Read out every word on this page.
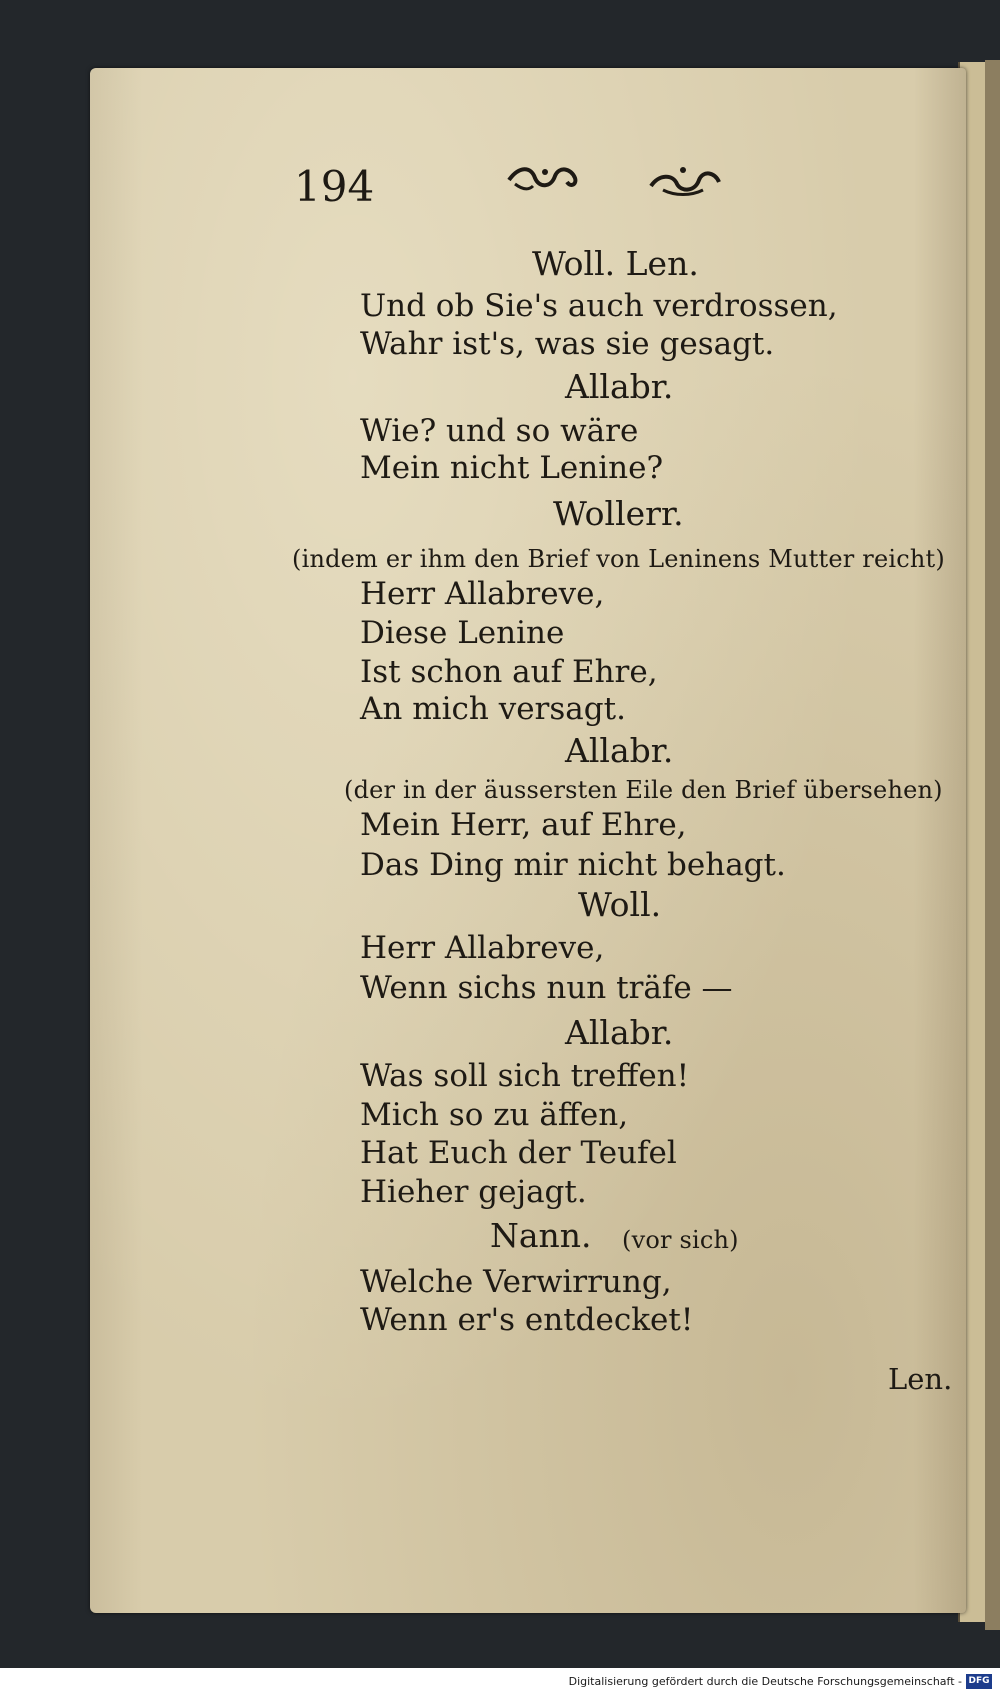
194
Woll. Len.
Und ob Sie's auch verdrossen,
Wahr ist's, was sie gesagt.
Allabr.
Wie? und so wäre
Mein nicht Lenine?
Wollerr.
(indem er ihm den Brief von Leninens Mutter reicht)
Herr Allabreve,
Diese Lenine
Ist schon auf Ehre,
An mich versagt.
Allabr.
(der in der äussersten Eile den Brief übersehen)
Mein Herr, auf Ehre,
Das Ding mir nicht behagt.
Woll.
Herr Allabreve,
Wenn sichs nun träfe —
Allabr.
Was soll sich treffen!
Mich so zu äffen,
Hat Euch der Teufel
Hieher gejagt.
Nann. (vor sich)
Welche Verwirrung,
Wenn er's entdecket!
Len.
Digitalisierung gefördert durch die Deutsche Forschungsgemeinschaft - DFG
